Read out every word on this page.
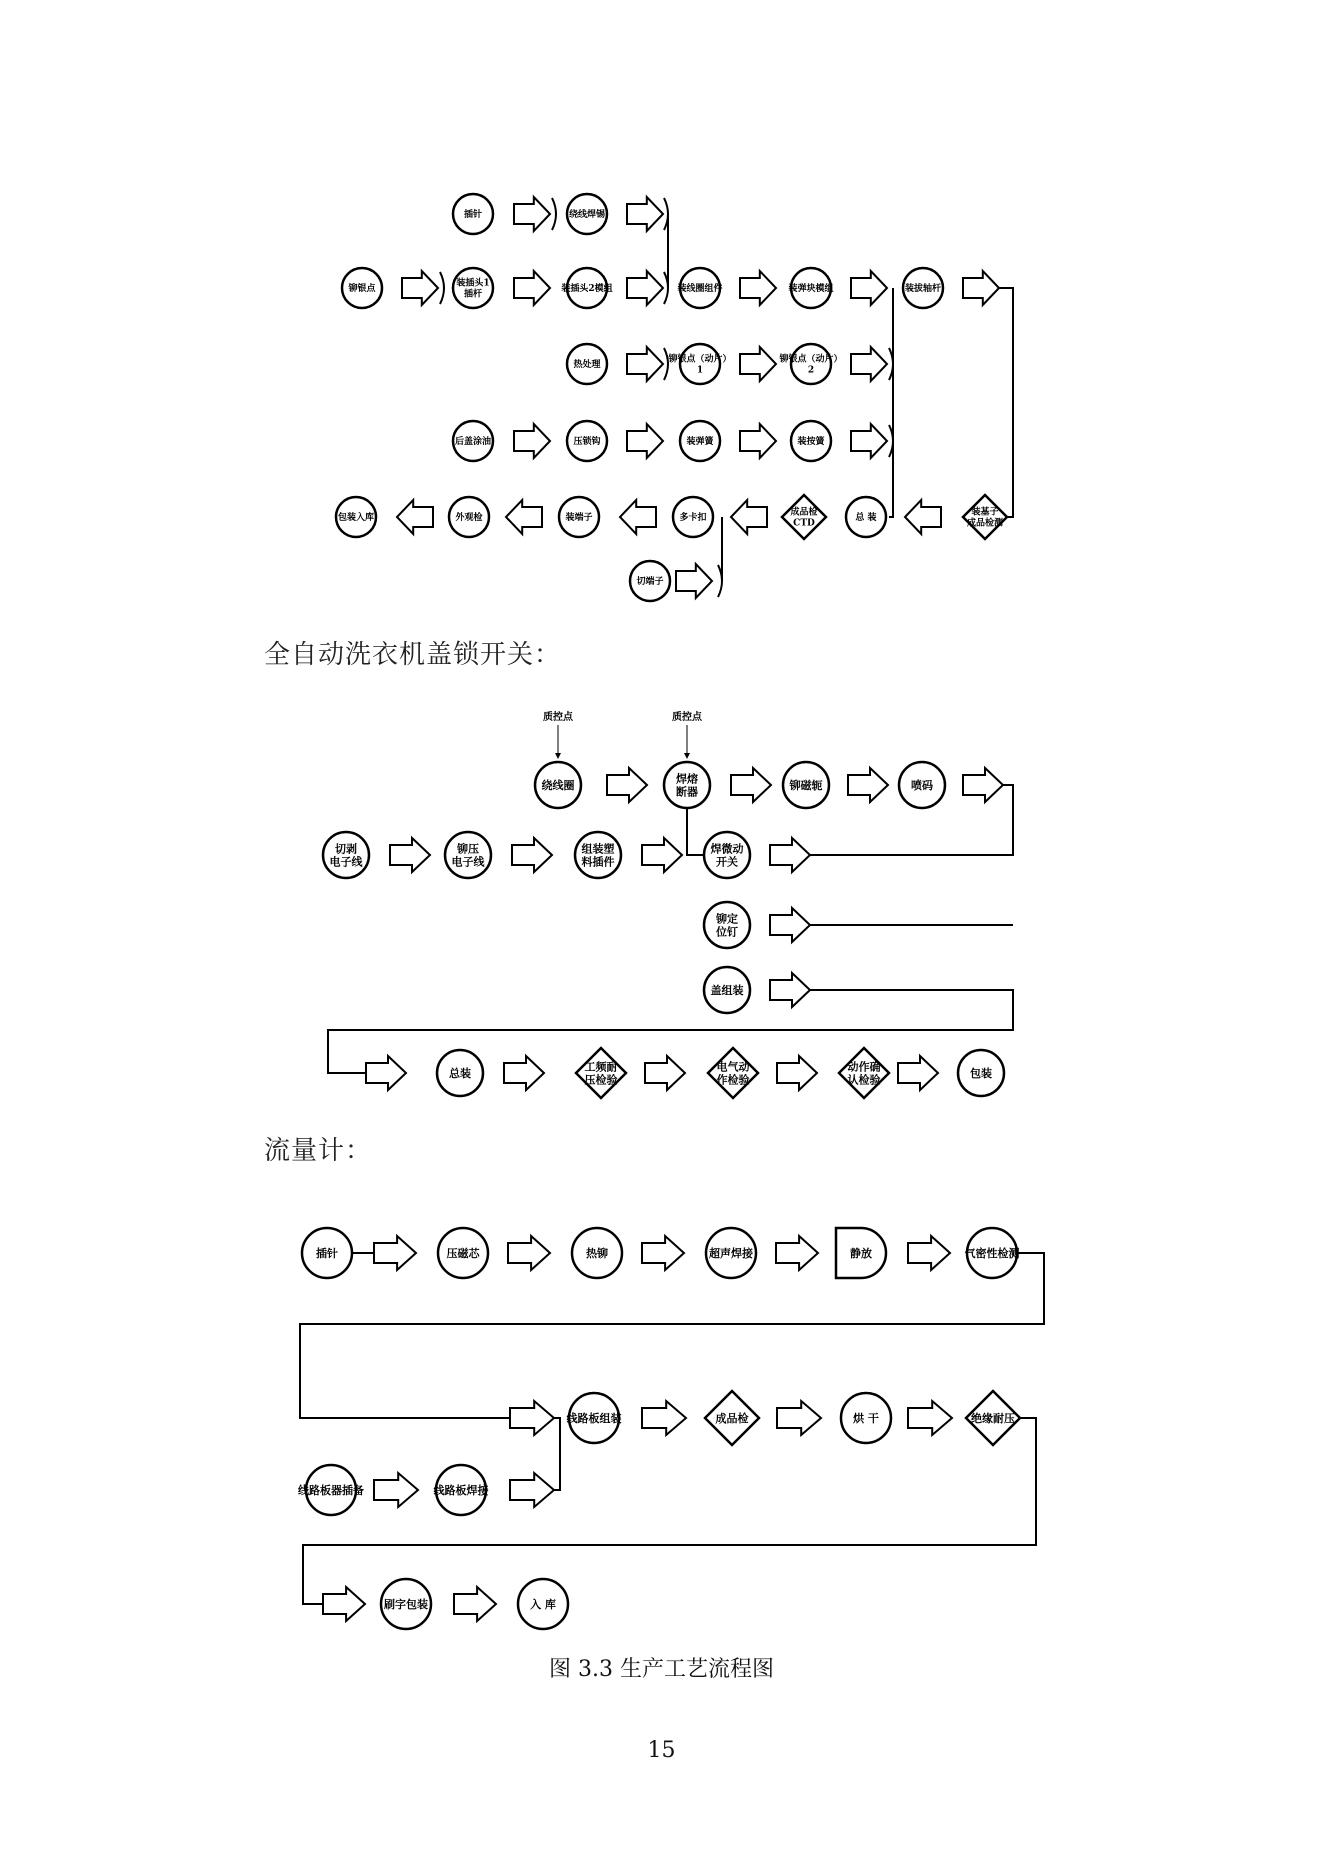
全自动洗衣机盖锁开关：
流量计：
图 3.3 生产工艺流程图
15
插针	绕线焊锡
铆银点
装插头1
插杆
装插头2模组	装线圈组件	装弹块模组	装拔轴杆
热处理
铆银点（动片）
1
铆银点（动片）
2
后盖涂油	压锁钩	装弹簧	装按簧
包装入库	外观检	装端子	多卡扣
成品检
CTD
总 装
装基子
成品检测
切端子
绕线圈	焊熔
断器	铆磁轭	喷码
切剥
电子线
铆压
电子线
组装塑
料插件
焊微动
开关
铆定
位钉
盖组装
总装	工频耐
压检验
电气动
作检验
动作确
认检验	包装
插针	压磁芯	热铆	超声焊接	静放	气密性检测
线路板组装	成品检	烘 干	绝缘耐压
线路板器插备	线路板焊接
刷字包装	入 库
质控点	质控点
